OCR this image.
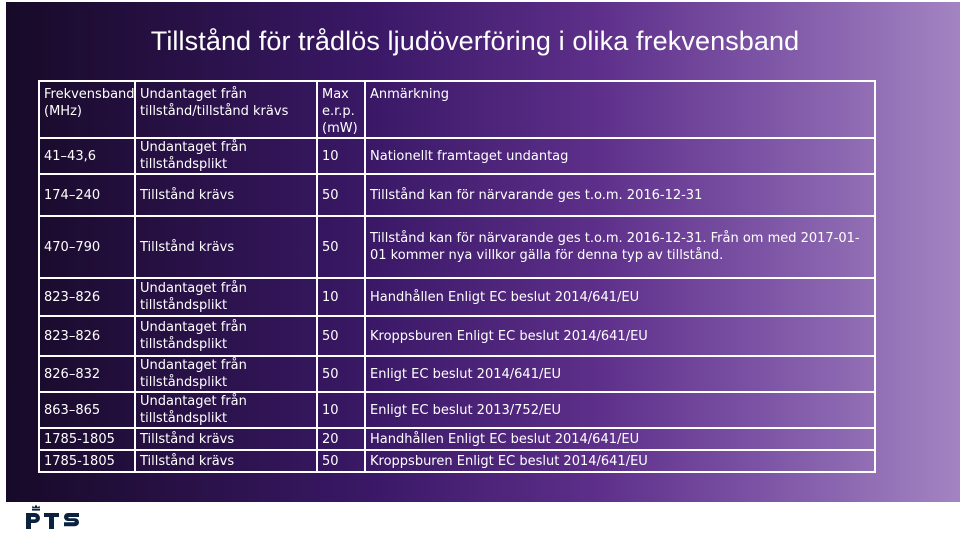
Tillstånd för trådlös ljudöverföring i olika frekvensband
Frekvensband (MHz)	Undantaget från tillstånd/tillstånd krävs	Max e.r.p. (mW)	Anmärkning
41–43,6	Undantaget från tillståndsplikt	10	Nationellt framtaget undantag
174–240	Tillstånd krävs	50	Tillstånd kan för närvarande ges t.o.m. 2016-12-31
470–790	Tillstånd krävs	50	Tillstånd kan för närvarande ges t.o.m. 2016-12-31. Från om med 2017-01-01 kommer nya villkor gälla för denna typ av tillstånd.
823–826	Undantaget från tillståndsplikt	10	Handhållen Enligt EC beslut 2014/641/EU
823–826	Undantaget från tillståndsplikt	50	Kroppsburen Enligt EC beslut 2014/641/EU
826–832	Undantaget från tillståndsplikt	50	Enligt EC beslut 2014/641/EU
863–865	Undantaget från tillståndsplikt	10	Enligt EC beslut 2013/752/EU
1785-1805	Tillstånd krävs	20	Handhållen Enligt EC beslut 2014/641/EU
1785-1805	Tillstånd krävs	50	Kroppsburen Enligt EC beslut 2014/641/EU
